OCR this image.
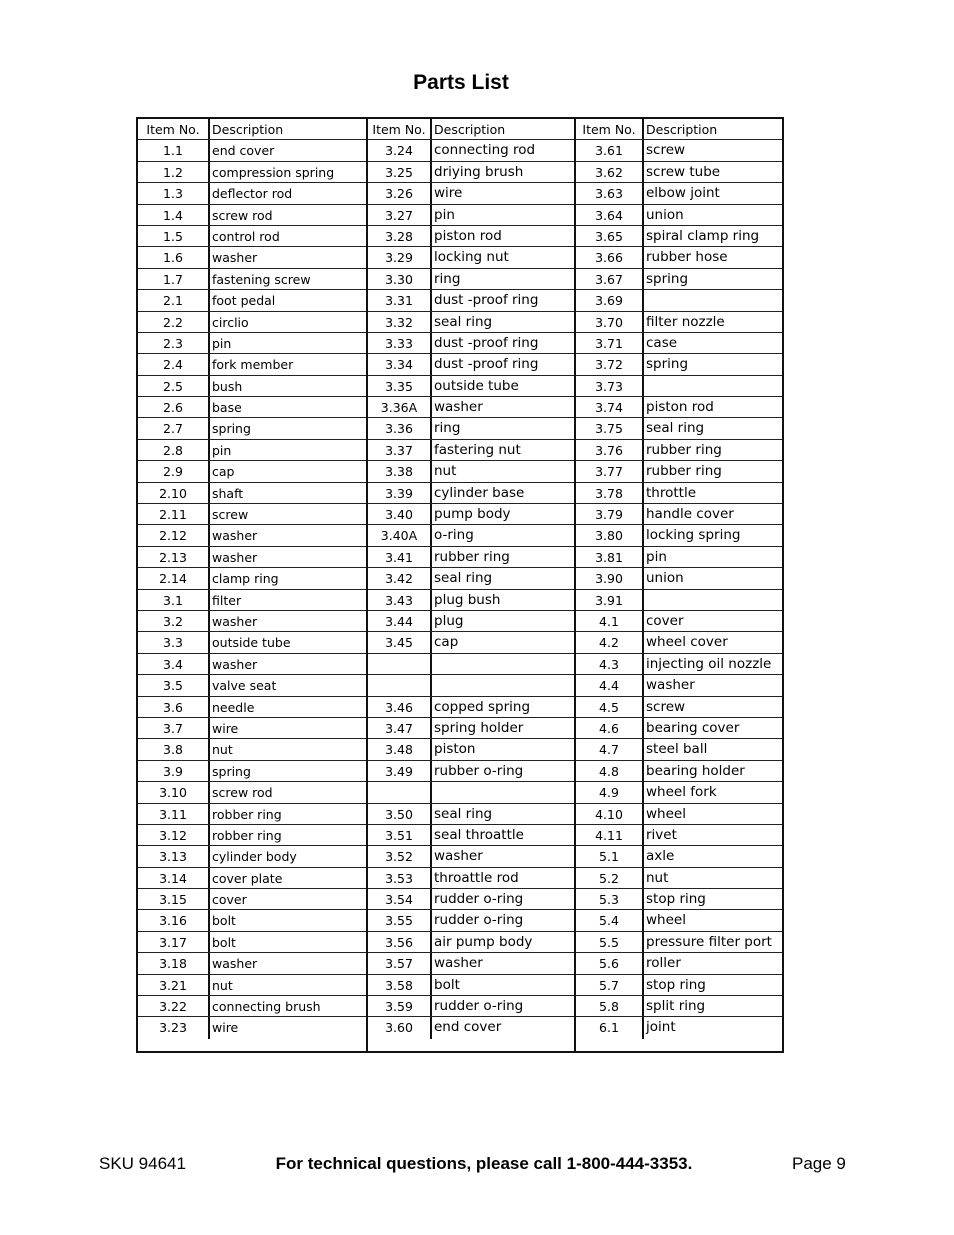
Parts List
Item No. Description
1.1	end cover
1.2	compression spring
1.3	deflector rod
1.4	screw rod
1.5	control rod
1.6	washer
1.7	fastening screw
2.1	foot pedal
2.2	circlio
2.3	pin
2.4	fork member
2.5	bush
2.6	base
2.7	spring
2.8	pin
2.9	cap
2.10	shaft
2.11	screw
2.12	washer
2.13	washer
2.14	clamp ring
3.1	filter
3.2	washer
3.3	outside tube
3.4	washer
3.5	valve seat
3.6	needle
3.7	wire
3.8	nut
3.9	spring
3.10	screw rod
3.11	robber ring
3.12	robber ring
3.13	cylinder body
3.14	cover plate
3.15	cover
3.16	bolt
3.17	bolt
3.18	washer
3.21	nut
3.22	connecting brush
3.23	wire
Item No. Description
3.24	connecting rod
3.25	driying brush
3.26	wire
3.27	pin
3.28	piston rod
3.29	locking nut
3.30	ring
3.31	dust -proof ring
3.32	seal ring
3.33	dust -proof ring
3.34	dust -proof ring
3.35	outside tube
3.36A	washer
3.36	ring
3.37	fastering nut
3.38	nut
3.39	cylinder base
3.40	pump body
3.40A	o-ring
3.41	rubber ring
3.42	seal ring
3.43	plug bush
3.44	plug
3.45	cap
3.46	copped spring
3.47	spring holder
3.48	piston
3.49	rubber o-ring
3.50	seal ring
3.51	seal throattle
3.52	washer
3.53	throattle rod
3.54	rudder o-ring
3.55	rudder o-ring
3.56	air pump body
3.57	washer
3.58	bolt
3.59	rudder o-ring
3.60	end cover
Item No. Description
3.61	screw
3.62	screw tube
3.63	elbow joint
3.64	union
3.65	spiral clamp ring
3.66	rubber hose
3.67	spring
3.69
3.70	filter nozzle
3.71	case
3.72	spring
3.73
3.74	piston rod
3.75	seal ring
3.76	rubber ring
3.77	rubber ring
3.78	throttle
3.79	handle cover
3.80	locking spring
3.81	pin
3.90	union
3.91
4.1	cover
4.2	wheel cover
4.3	injecting oil nozzle
4.4	washer
4.5	screw
4.6	bearing cover
4.7	steel ball
4.8	bearing holder
4.9	wheel fork
4.10	wheel
4.11	rivet
5.1	axle
5.2	nut
5.3	stop ring
5.4	wheel
5.5	pressure filter port
5.6	roller
5.7	stop ring
5.8	split ring
6.1	joint
SKU 94641	For technical questions, please call 1-800-444-3353.	Page 9
